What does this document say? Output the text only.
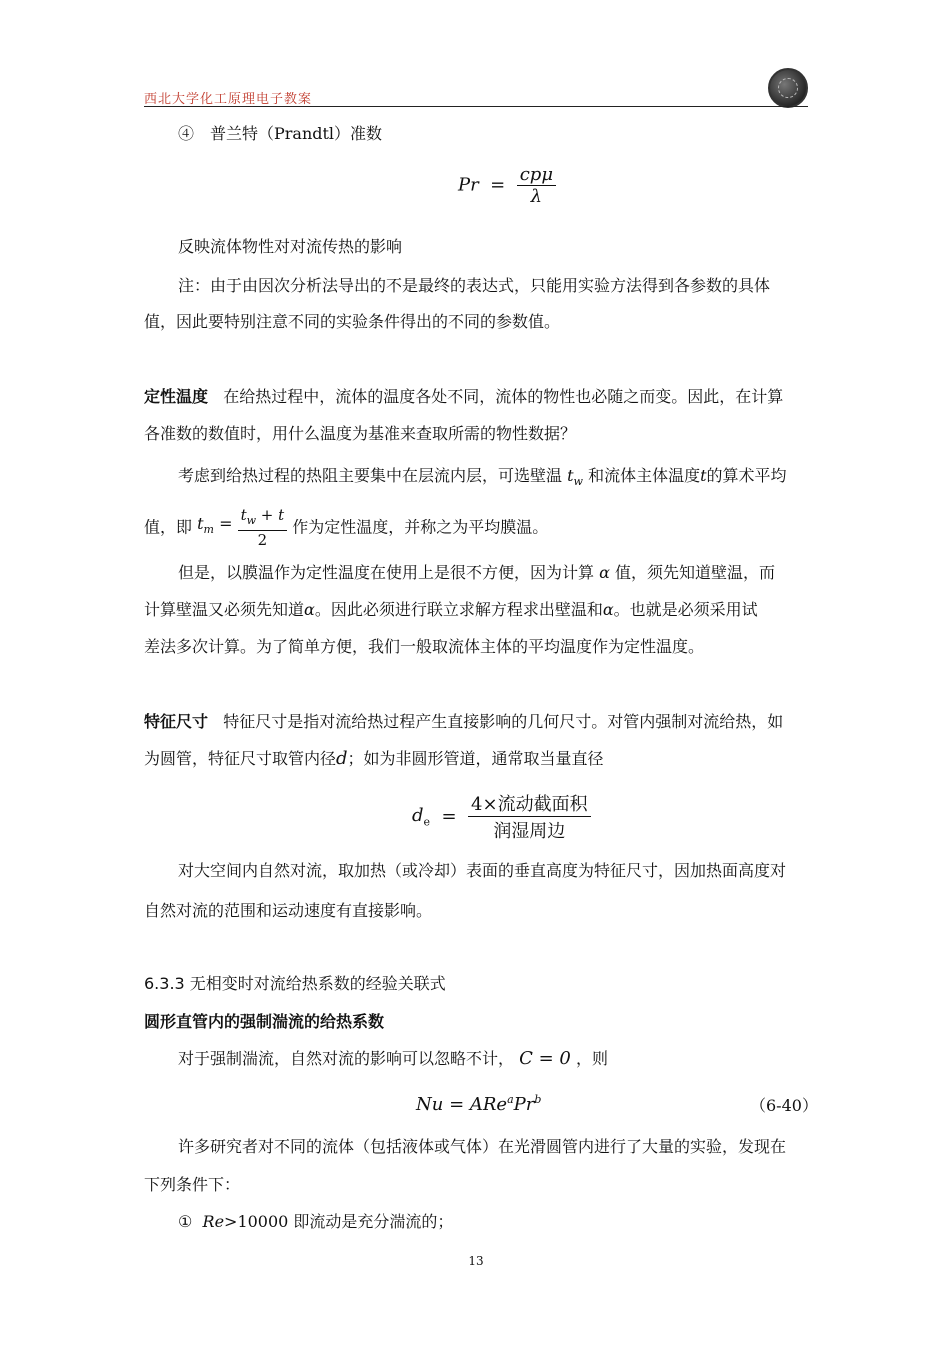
西北大学化工原理电子教案
④　普兰特（Prandtl）准数
$Pr = \frac{\text{cpμ}}{\lambda}$
反映流体物性对对流传热的影响
注：由于由因次分析法导出的不是最终的表达式，只能用实验方法得到各参数的具体
值，因此要特别注意不同的实验条件得出的不同的参数值。
定性温度 在给热过程中，流体的温度各处不同，流体的物性也必随之而变。因此，在计算
各准数的数值时，用什么温度为基准来查取所需的物性数据？
考虑到给热过程的热阻主要集中在层流内层，可选壁温 $t_w$ 和流体主体温度t的算术平均
值，即 $t_m = \frac{t_w + t}{2}$ 作为定性温度，并称之为平均膜温。
但是，以膜温作为定性温度在使用上是很不方便，因为计算 α 值，须先知道壁温，而
计算壁温又必须先知道α。因此必须进行联立求解方程求出壁温和α。也就是必须采用试
差法多次计算。为了简单方便，我们一般取流体主体的平均温度作为定性温度。
特征尺寸 特征尺寸是指对流给热过程产生直接影响的几何尺寸。对管内强制对流给热，如
为圆管，特征尺寸取管内径d；如为非圆形管道，通常取当量直径
$d_e = \frac{\text{4×流动截面积}}{\text{润湿周边}}$
对大空间内自然对流，取加热（或冷却）表面的垂直高度为特征尺寸，因加热面高度对
自然对流的范围和运动速度有直接影响。
6.3.3 无相变时对流给热系数的经验关联式
圆形直管内的强制湍流的给热系数
对于强制湍流，自然对流的影响可以忽略不计， C = 0 ，则
$Nu = ARe^aPr^b$	（6-40）
许多研究者对不同的流体（包括液体或气体）在光滑圆管内进行了大量的实验，发现在
下列条件下：
① Re>10000 即流动是充分湍流的；
13
